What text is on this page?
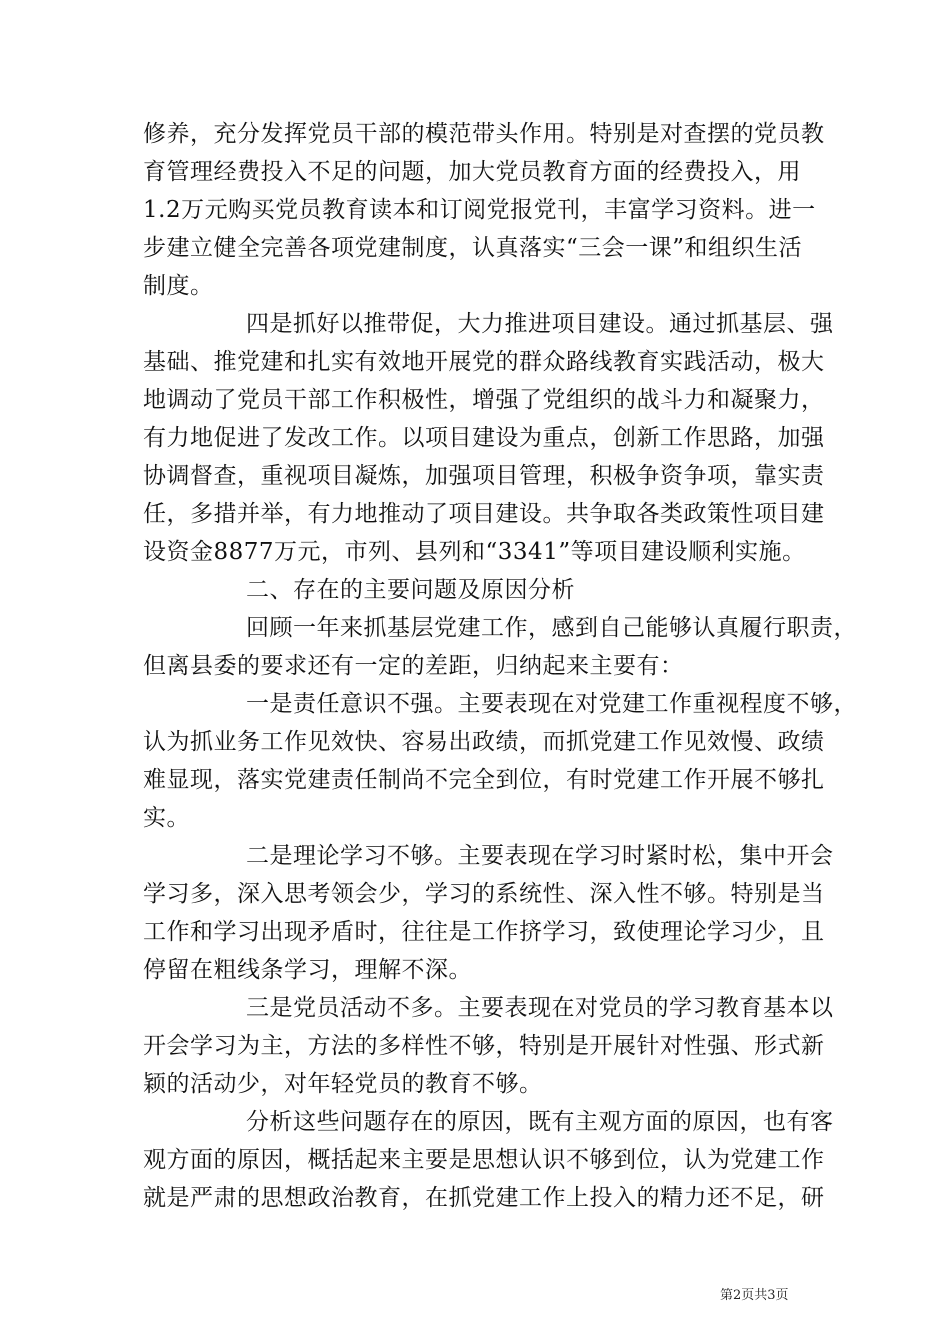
修养，充分发挥党员干部的模范带头作用。特别是对查摆的党员教
育管理经费投入不足的问题，加大党员教育方面的经费投入，用
1.2万元购买党员教育读本和订阅党报党刊，丰富学习资料。进一
步建立健全完善各项党建制度，认真落实“三会一课”和组织生活
制度。
四是抓好以推带促，大力推进项目建设。通过抓基层、强
基础、推党建和扎实有效地开展党的群众路线教育实践活动，极大
地调动了党员干部工作积极性，增强了党组织的战斗力和凝聚力，
有力地促进了发改工作。以项目建设为重点，创新工作思路，加强
协调督查，重视项目凝炼，加强项目管理，积极争资争项，靠实责
任，多措并举，有力地推动了项目建设。共争取各类政策性项目建
设资金8877万元，市列、县列和“3341”等项目建设顺利实施。
二、存在的主要问题及原因分析
回顾一年来抓基层党建工作，感到自己能够认真履行职责，
但离县委的要求还有一定的差距，归纳起来主要有：
一是责任意识不强。主要表现在对党建工作重视程度不够，
认为抓业务工作见效快、容易出政绩，而抓党建工作见效慢、政绩
难显现，落实党建责任制尚不完全到位，有时党建工作开展不够扎
实。
二是理论学习不够。主要表现在学习时紧时松，集中开会
学习多，深入思考领会少，学习的系统性、深入性不够。特别是当
工作和学习出现矛盾时，往往是工作挤学习，致使理论学习少，且
停留在粗线条学习，理解不深。
三是党员活动不多。主要表现在对党员的学习教育基本以
开会学习为主，方法的多样性不够，特别是开展针对性强、形式新
颖的活动少，对年轻党员的教育不够。
分析这些问题存在的原因，既有主观方面的原因，也有客
观方面的原因，概括起来主要是思想认识不够到位，认为党建工作
就是严肃的思想政治教育，在抓党建工作上投入的精力还不足，研
第2页共3页
